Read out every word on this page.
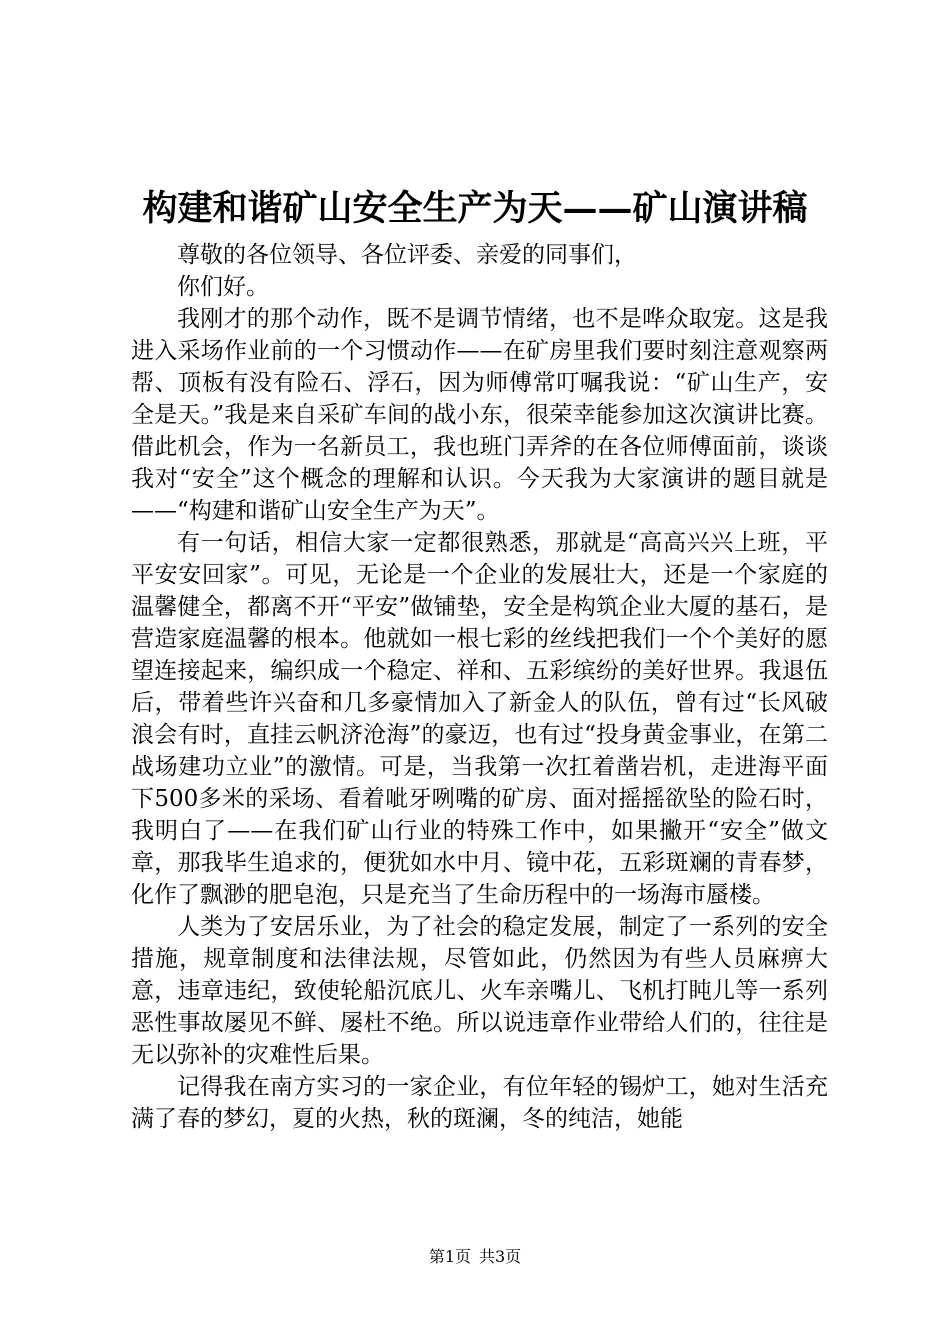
构建和谐矿山安全生产为天——矿山演讲稿

尊敬的各位领导、各位评委、亲爱的同事们，

你们好。

我刚才的那个动作，既不是调节情绪，也不是哗众取宠。这是我进入采场作业前的一个习惯动作——在矿房里我们要时刻注意观察两帮、顶板有没有险石、浮石，因为师傅常叮嘱我说：“矿山生产，安全是天。”我是来自采矿车间的战小东，很荣幸能参加这次演讲比赛。借此机会，作为一名新员工，我也班门弄斧的在各位师傅面前，谈谈我对“安全”这个概念的理解和认识。今天我为大家演讲的题目就是——“构建和谐矿山安全生产为天”。

有一句话，相信大家一定都很熟悉，那就是“高高兴兴上班，平平安安回家”。可见，无论是一个企业的发展壮大，还是一个家庭的温馨健全，都离不开“平安”做铺垫，安全是构筑企业大厦的基石，是营造家庭温馨的根本。他就如一根七彩的丝线把我们一个个美好的愿望连接起来，编织成一个稳定、祥和、五彩缤纷的美好世界。我退伍后，带着些许兴奋和几多豪情加入了新金人的队伍，曾有过“长风破浪会有时，直挂云帆济沧海”的豪迈，也有过“投身黄金事业，在第二战场建功立业”的激情。可是，当我第一次扛着凿岩机，走进海平面下500多米的采场、看着呲牙咧嘴的矿房、面对摇摇欲坠的险石时，我明白了——在我们矿山行业的特殊工作中，如果撇开“安全”做文章，那我毕生追求的，便犹如水中月、镜中花，五彩斑斓的青春梦，化作了飘渺的肥皂泡，只是充当了生命历程中的一场海市蜃楼。

人类为了安居乐业，为了社会的稳定发展，制定了一系列的安全措施，规章制度和法律法规，尽管如此，仍然因为有些人员麻痹大意，违章违纪，致使轮船沉底儿、火车亲嘴儿、飞机打盹儿等一系列恶性事故屡见不鲜、屡杜不绝。所以说违章作业带给人们的，往往是无以弥补的灾难性后果。

记得我在南方实习的一家企业，有位年轻的锡炉工，她对生活充满了春的梦幻，夏的火热，秋的斑澜，冬的纯洁，她能

第1页 共3页
